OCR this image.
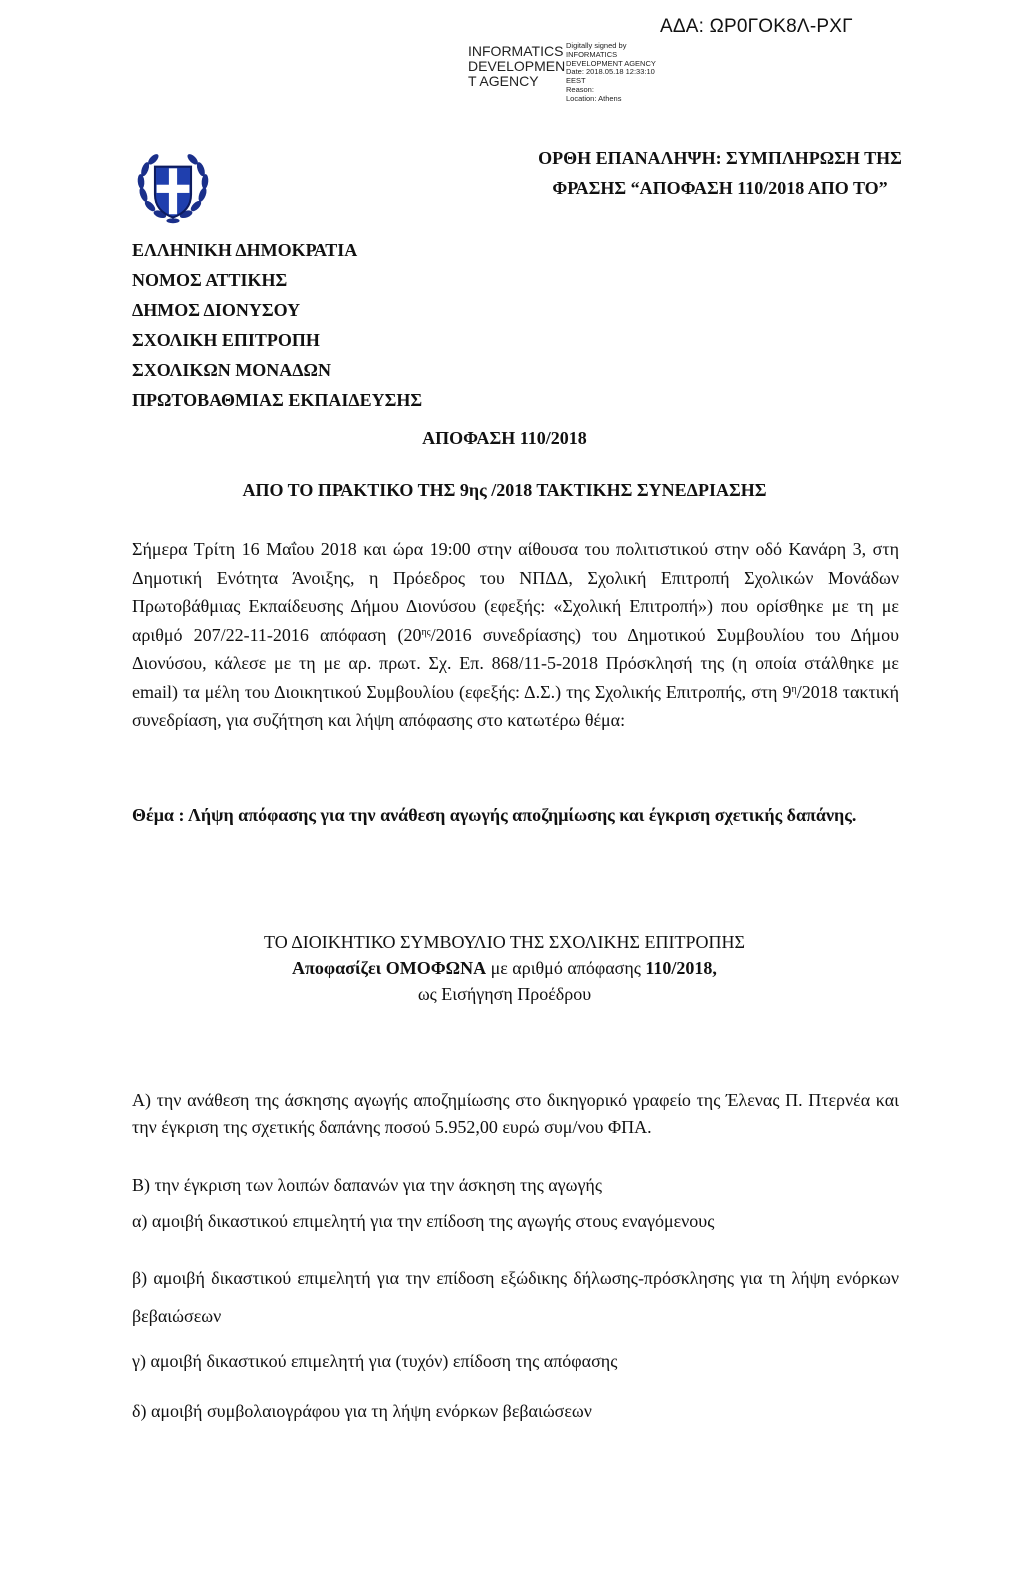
ΑΔΑ: ΩΡ0ΓΟΚ8Λ-ΡΧΓ
INFORMATICS DEVELOPMEN T AGENCY
Digitally signed by
INFORMATICS
DEVELOPMENT AGENCY
Date: 2018.05.18 12:33:10
EEST
Reason:
Location: Athens
ΟΡΘΗ ΕΠΑΝΑΛΗΨΗ: ΣΥΜΠΛΗΡΩΣΗ ΤΗΣ
ΦΡΑΣΗΣ “ΑΠΟΦΑΣΗ 110/2018 ΑΠΟ ΤΟ”
ΕΛΛΗΝΙΚΗ ΔΗΜΟΚΡΑΤΙΑ
ΝΟΜΟΣ ΑΤΤΙΚΗΣ
ΔΗΜΟΣ ΔΙΟΝΥΣΟΥ
ΣΧΟΛΙΚΗ ΕΠΙΤΡΟΠΗ
ΣΧΟΛΙΚΩΝ ΜΟΝΑΔΩΝ
ΠΡΩΤΟΒΑΘΜΙΑΣ ΕΚΠΑΙΔΕΥΣΗΣ
ΑΠΟΦΑΣΗ 110/2018
ΑΠΟ ΤΟ ΠΡΑΚΤΙΚΟ ΤΗΣ 9ης /2018 ΤΑΚΤΙΚΗΣ ΣΥΝΕΔΡΙΑΣΗΣ
Σήμερα Τρίτη 16 Μαΐου 2018 και ώρα 19:00 στην αίθουσα του πολιτιστικού στην οδό Κανάρη 3, στη Δημοτική Ενότητα Άνοιξης, η Πρόεδρος του ΝΠΔΔ, Σχολική Επιτροπή Σχολικών Μονάδων Πρωτοβάθμιας Εκπαίδευσης Δήμου Διονύσου (εφεξής: «Σχολική Επιτροπή») που ορίσθηκε με τη με αριθμό 207/22-11-2016 απόφαση ($20^{\eta\varsigma}/2016$ συνεδρίασης) του Δημοτικού Συμβουλίου του Δήμου Διονύσου, κάλεσε με τη με αρ. πρωτ. Σχ. Επ. 868/11-5-2018 Πρόσκλησή της (η οποία στάλθηκε με email) τα μέλη του Διοικητικού Συμβουλίου (εφεξής: Δ.Σ.) της Σχολικής Επιτροπής, στη $9^\eta/2018$ τακτική συνεδρίαση, για συζήτηση και λήψη απόφασης στο κατωτέρω θέμα:
Θέμα : Λήψη απόφασης για την ανάθεση αγωγής αποζημίωσης και έγκριση σχετικής δαπάνης.
ΤΟ ΔΙΟΙΚΗΤΙΚΟ ΣΥΜΒΟΥΛΙΟ ΤΗΣ ΣΧΟΛΙΚΗΣ ΕΠΙΤΡΟΠΗΣ
Αποφασίζει ΟΜΟΦΩΝΑ με αριθμό απόφασης 110/2018,
ως Εισήγηση Προέδρου
Α) την ανάθεση της άσκησης αγωγής αποζημίωσης στο δικηγορικό γραφείο της Έλενας Π. Πτερνέα και την έγκριση της σχετικής δαπάνης ποσού 5.952,00 ευρώ συμ/νου ΦΠΑ.
Β) την έγκριση των λοιπών δαπανών για την άσκηση της αγωγής
α) αμοιβή δικαστικού επιμελητή για την επίδοση της αγωγής στους εναγόμενους
β) αμοιβή δικαστικού επιμελητή για την επίδοση εξώδικης δήλωσης-πρόσκλησης για τη λήψη ενόρκων βεβαιώσεων
γ) αμοιβή δικαστικού επιμελητή για (τυχόν) επίδοση της απόφασης
δ) αμοιβή συμβολαιογράφου για τη λήψη ενόρκων βεβαιώσεων
